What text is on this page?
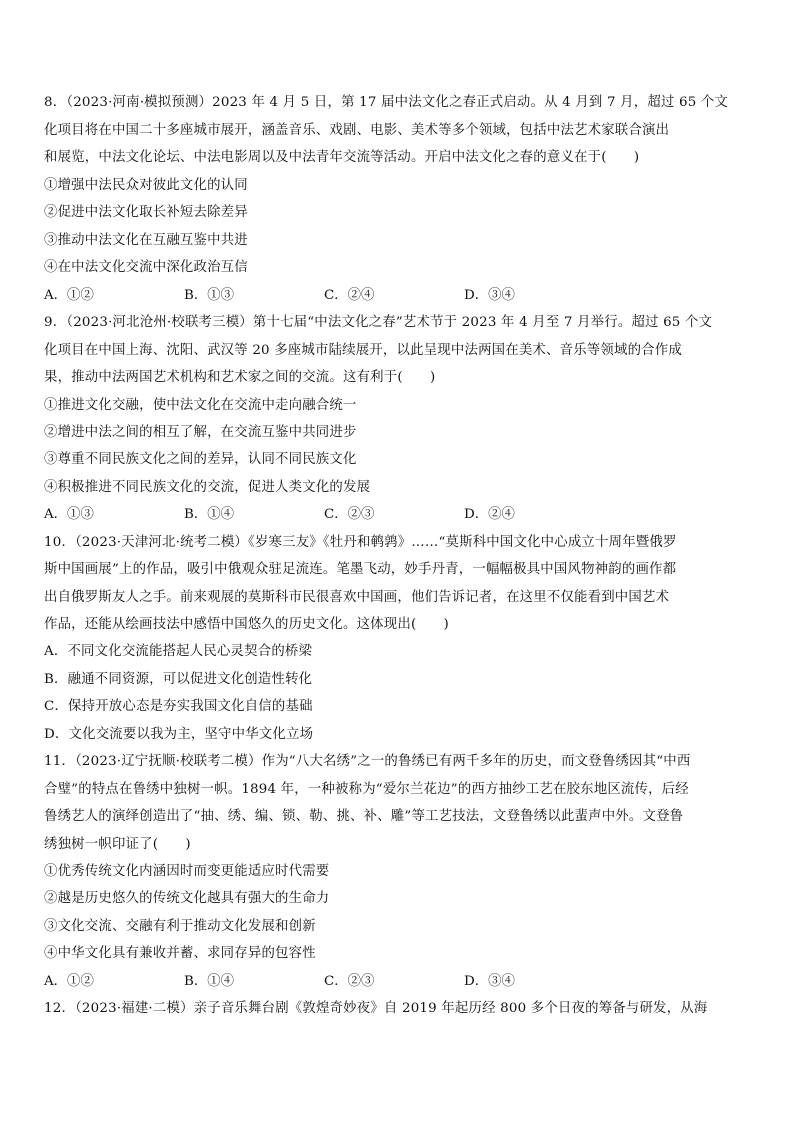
8．（2023·河南·模拟预测）2023 年 4 月 5 日，第 17 届中法文化之春正式启动。从 4 月到 7 月，超过 65 个文
化项目将在中国二十多座城市展开，涵盖音乐、戏剧、电影、美术等多个领域，包括中法艺术家联合演出
和展览，中法文化论坛、中法电影周以及中法青年交流等活动。开启中法文化之春的意义在于(　　)
①增强中法民众对彼此文化的认同
②促进中法文化取长补短去除差异
③推动中法文化在互融互鉴中共进
④在中法文化交流中深化政治互信
A．①②	B．①③	C．②④	D．③④
9．（2023·河北沧州·校联考三模）第十七届“中法文化之春”艺术节于 2023 年 4 月至 7 月举行。超过 65 个文
化项目在中国上海、沈阳、武汉等 20 多座城市陆续展开，以此呈现中法两国在美术、音乐等领域的合作成
果，推动中法两国艺术机构和艺术家之间的交流。这有利于(　　)
①推进文化交融，使中法文化在交流中走向融合统一
②增进中法之间的相互了解，在交流互鉴中共同进步
③尊重不同民族文化之间的差异，认同不同民族文化
④积极推进不同民族文化的交流，促进人类文化的发展
A．①③	B．①④	C．②③	D．②④
10．（2023·天津河北·统考二模）《岁寒三友》《牡丹和鹌鹑》……“莫斯科中国文化中心成立十周年暨俄罗
斯中国画展”上的作品，吸引中俄观众驻足流连。笔墨飞动，妙手丹青，一幅幅极具中国风物神韵的画作都
出自俄罗斯友人之手。前来观展的莫斯科市民很喜欢中国画，他们告诉记者，在这里不仅能看到中国艺术
作品，还能从绘画技法中感悟中国悠久的历史文化。这体现出(　　)
A．不同文化交流能搭起人民心灵契合的桥梁
B．融通不同资源，可以促进文化创造性转化
C．保持开放心态是夯实我国文化自信的基础
D．文化交流要以我为主，坚守中华文化立场
11．（2023·辽宁抚顺·校联考二模）作为“八大名绣”之一的鲁绣已有两千多年的历史，而文登鲁绣因其“中西
合璧”的特点在鲁绣中独树一帜。1894 年，一种被称为“爱尔兰花边”的西方抽纱工艺在胶东地区流传，后经
鲁绣艺人的演绎创造出了“抽、绣、编、锁、勒、挑、补、雕”等工艺技法，文登鲁绣以此蜚声中外。文登鲁
绣独树一帜印证了(　　)
①优秀传统文化内涵因时而变更能适应时代需要
②越是历史悠久的传统文化越具有强大的生命力
③文化交流、交融有利于推动文化发展和创新
④中华文化具有兼收并蓄、求同存异的包容性
A．①②	B．①④	C．②③	D．③④
12．（2023·福建·二模）亲子音乐舞台剧《敦煌奇妙夜》自 2019 年起历经 800 多个日夜的筹备与研发，从海
